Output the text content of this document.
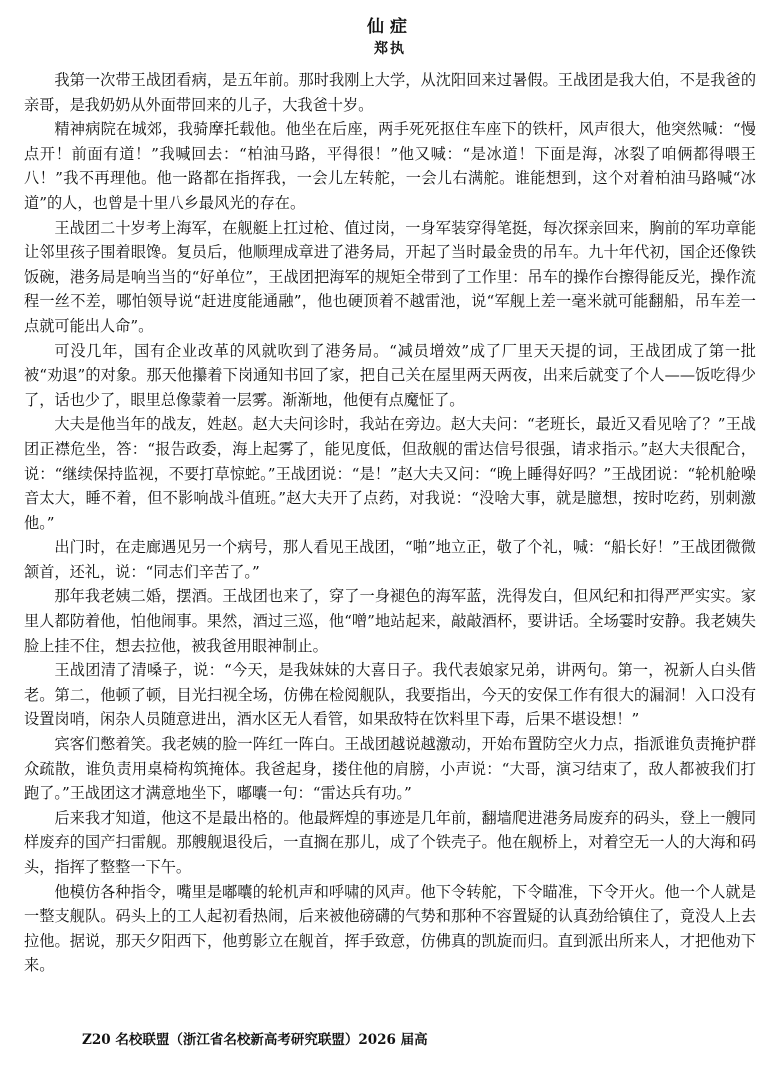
仙症

郑执

我第一次带王战团看病，是五年前。那时我刚上大学，从沈阳回来过暑假。王战团是我大伯，不是我爸的亲哥，是我奶奶从外面带回来的儿子，大我爸十岁。

精神病院在城郊，我骑摩托载他。他坐在后座，两手死死抠住车座下的铁杆，风声很大，他突然喊：“慢点开！前面有道！”我喊回去：“柏油马路，平得很！”他又喊：“是冰道！下面是海，冰裂了咱俩都得喂王八！”我不再理他。他一路都在指挥我，一会儿左转舵，一会儿右满舵。谁能想到，这个对着柏油马路喊“冰道”的人，也曾是十里八乡最风光的存在。

王战团二十岁考上海军，在舰艇上扛过枪、值过岗，一身军装穿得笔挺，每次探亲回来，胸前的军功章能让邻里孩子围着眼馋。复员后，他顺理成章进了港务局，开起了当时最金贵的吊车。九十年代初，国企还像铁饭碗，港务局是响当当的“好单位”，王战团把海军的规矩全带到了工作里：吊车的操作台擦得能反光，操作流程一丝不差，哪怕领导说“赶进度能通融”，他也硬顶着不越雷池，说“军舰上差一毫米就可能翻船，吊车差一点就可能出人命”。

可没几年，国有企业改革的风就吹到了港务局。“减员增效”成了厂里天天提的词，王战团成了第一批被“劝退”的对象。那天他攥着下岗通知书回了家，把自己关在屋里两天两夜，出来后就变了个人——饭吃得少了，话也少了，眼里总像蒙着一层雾。渐渐地，他便有点魔怔了。

大夫是他当年的战友，姓赵。赵大夫问诊时，我站在旁边。赵大夫问：“老班长，最近又看见啥了？”王战团正襟危坐，答：“报告政委，海上起雾了，能见度低，但敌舰的雷达信号很强，请求指示。”赵大夫很配合，说：“继续保持监视，不要打草惊蛇。”王战团说：“是！”赵大夫又问：“晚上睡得好吗？”王战团说：“轮机舱噪音太大，睡不着，但不影响战斗值班。”赵大夫开了点药，对我说：“没啥大事，就是臆想，按时吃药，别刺激他。”

出门时，在走廊遇见另一个病号，那人看见王战团，“啪”地立正，敬了个礼，喊：“船长好！”王战团微微颔首，还礼，说：“同志们辛苦了。”

那年我老姨二婚，摆酒。王战团也来了，穿了一身褪色的海军蓝，洗得发白，但风纪和扣得严严实实。家里人都防着他，怕他闹事。果然，酒过三巡，他“噌”地站起来，敲敲酒杯，要讲话。全场霎时安静。我老姨失脸上挂不住，想去拉他，被我爸用眼神制止。

王战团清了清嗓子，说：“今天，是我妹妹的大喜日子。我代表娘家兄弟，讲两句。第一，祝新人白头偕老。第二，他顿了顿，目光扫视全场，仿佛在检阅舰队，我要指出，今天的安保工作有很大的漏洞！入口没有设置岗哨，闲杂人员随意进出，酒水区无人看管，如果敌特在饮料里下毒，后果不堪设想！”

宾客们憋着笑。我老姨的脸一阵红一阵白。王战团越说越激动，开始布置防空火力点，指派谁负责掩护群众疏散，谁负责用桌椅构筑掩体。我爸起身，搂住他的肩膀，小声说：“大哥，演习结束了，敌人都被我们打跑了。”王战团这才满意地坐下，嘟囔一句：“雷达兵有功。”

后来我才知道，他这不是最出格的。他最辉煌的事迹是几年前，翻墙爬进港务局废弃的码头，登上一艘同样废弃的国产扫雷舰。那艘舰退役后，一直搁在那儿，成了个铁壳子。他在舰桥上，对着空无一人的大海和码头，指挥了整整一下午。

他模仿各种指令，嘴里是嘟囔的轮机声和呼啸的风声。他下令转舵，下令瞄准，下令开火。他一个人就是一整支舰队。码头上的工人起初看热闹，后来被他磅礴的气势和那种不容置疑的认真劲给镇住了，竟没人上去拉他。据说，那天夕阳西下，他剪影立在舰首，挥手致意，仿佛真的凯旋而归。直到派出所来人，才把他劝下来。

Z20 名校联盟（浙江省名校新高考研究联盟）2026 届高
